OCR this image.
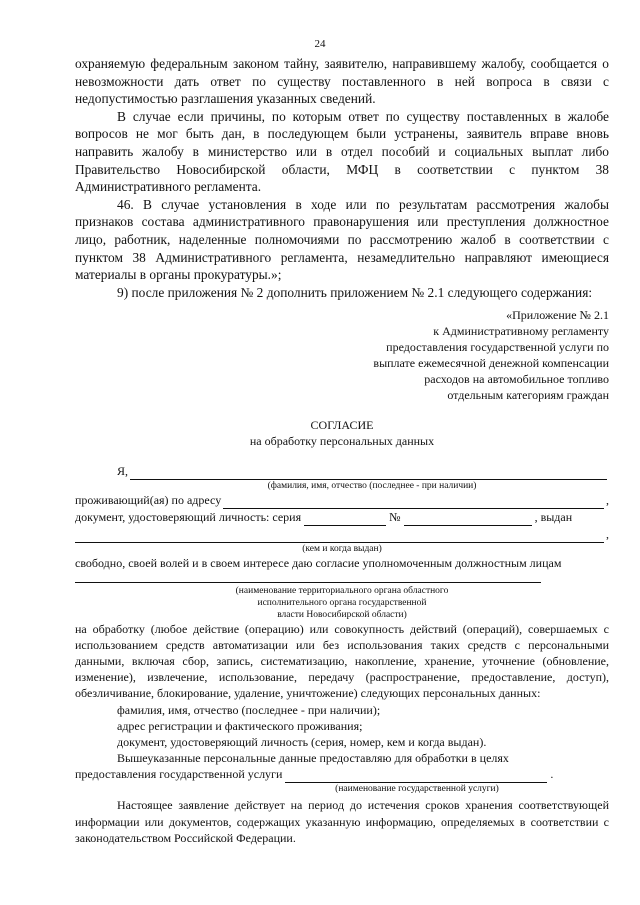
24

охраняемую федеральным законом тайну, заявителю, направившему жалобу, сообщается о невозможности дать ответ по существу поставленного в ней вопроса в связи с недопустимостью разглашения указанных сведений.

В случае если причины, по которым ответ по существу поставленных в жалобе вопросов не мог быть дан, в последующем были устранены, заявитель вправе вновь направить жалобу в министерство или в отдел пособий и социальных выплат либо Правительство Новосибирской области, МФЦ в соответствии с пунктом 38 Административного регламента.

46. В случае установления в ходе или по результатам рассмотрения жалобы признаков состава административного правонарушения или преступления должностное лицо, работник, наделенные полномочиями по рассмотрению жалоб в соответствии с пунктом 38 Административного регламента, незамедлительно направляют имеющиеся материалы в органы прокуратуры.»;

9) после приложения № 2 дополнить приложением № 2.1 следующего содержания:

«Приложение № 2.1
к Административному регламенту
предоставления государственной услуги по
выплате ежемесячной денежной компенсации
расходов на автомобильное топливо
отдельным категориям граждан
СОГЛАСИЕ
на обработку персональных данных
Я,
(фамилия, имя, отчество (последнее - при наличии)
проживающий(ая) по адресу	,
документ, удостоверяющий личность: серия	№	, выдан
,
(кем и когда выдан)

свободно, своей волей и в своем интересе даю согласие уполномоченным должностным лицам

(наименование территориального органа областного
исполнительного органа государственной
власти Новосибирской области)

на обработку (любое действие (операцию) или совокупность действий (операций), совершаемых с использованием средств автоматизации или без использования таких средств с персональными данными, включая сбор, запись, систематизацию, накопление, хранение, уточнение (обновление, изменение), извлечение, использование, передачу (распространение, предоставление, доступ), обезличивание, блокирование, удаление, уничтожение) следующих персональных данных:

фамилия, имя, отчество (последнее - при наличии);
адрес регистрации и фактического проживания;
документ, удостоверяющий личность (серия, номер, кем и когда выдан).

Вышеуказанные персональные данные предоставляю для обработки в целях

предоставления государственной услуги	.
(наименование государственной услуги)

Настоящее заявление действует на период до истечения сроков хранения соответствующей информации или документов, содержащих указанную информацию, определяемых в соответствии с законодательством Российской Федерации.
